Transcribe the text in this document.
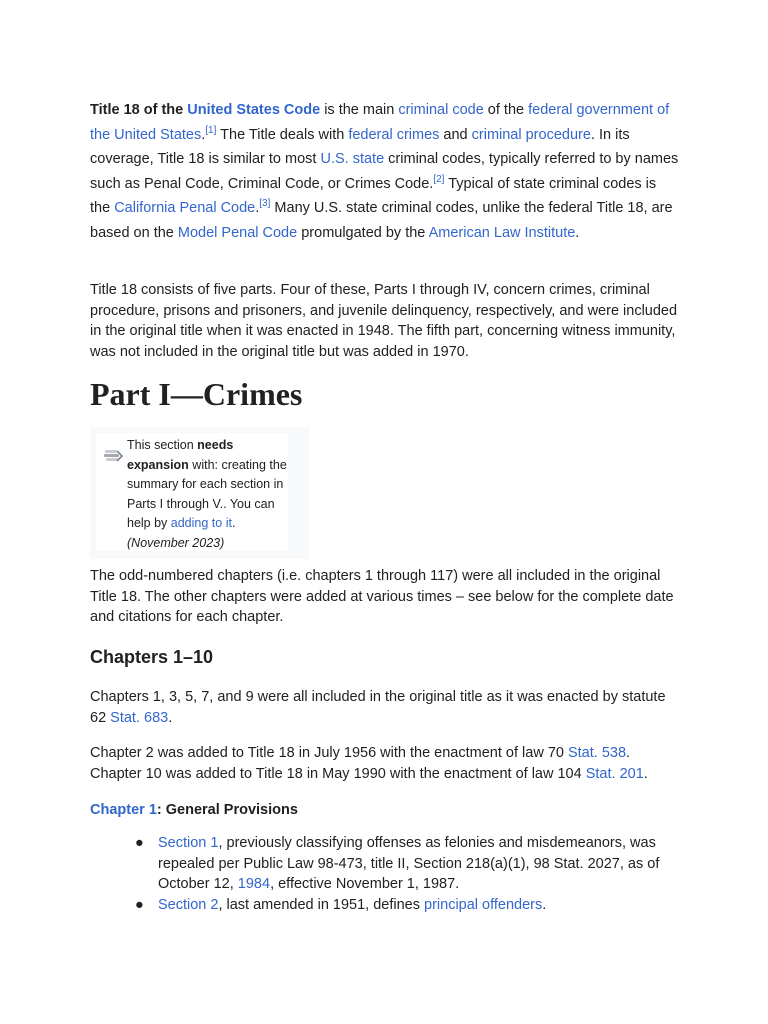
Title 18 of the United States Code is the main criminal code of the federal government of the United States.[1] The Title deals with federal crimes and criminal procedure. In its coverage, Title 18 is similar to most U.S. state criminal codes, typically referred to by names such as Penal Code, Criminal Code, or Crimes Code.[2] Typical of state criminal codes is the California Penal Code.[3] Many U.S. state criminal codes, unlike the federal Title 18, are based on the Model Penal Code promulgated by the American Law Institute.

Title 18 consists of five parts. Four of these, Parts I through IV, concern crimes, criminal procedure, prisons and prisoners, and juvenile delinquency, respectively, and were included in the original title when it was enacted in 1948. The fifth part, concerning witness immunity, was not included in the original title but was added in 1970.

Part I—Crimes

This section needs expansion with: creating the summary for each section in Parts I through V.. You can help by adding to it. (November 2023)

The odd-numbered chapters (i.e. chapters 1 through 117) were all included in the original Title 18. The other chapters were added at various times – see below for the complete date and citations for each chapter.

Chapters 1–10

Chapters 1, 3, 5, 7, and 9 were all included in the original title as it was enacted by statute 62 Stat. 683.

Chapter 2 was added to Title 18 in July 1956 with the enactment of law 70 Stat. 538. Chapter 10 was added to Title 18 in May 1990 with the enactment of law 104 Stat. 201.

Chapter 1: General Provisions

● Section 1, previously classifying offenses as felonies and misdemeanors, was repealed per Public Law 98-473, title II, Section 218(a)(1), 98 Stat. 2027, as of October 12, 1984, effective November 1, 1987.
● Section 2, last amended in 1951, defines principal offenders.
